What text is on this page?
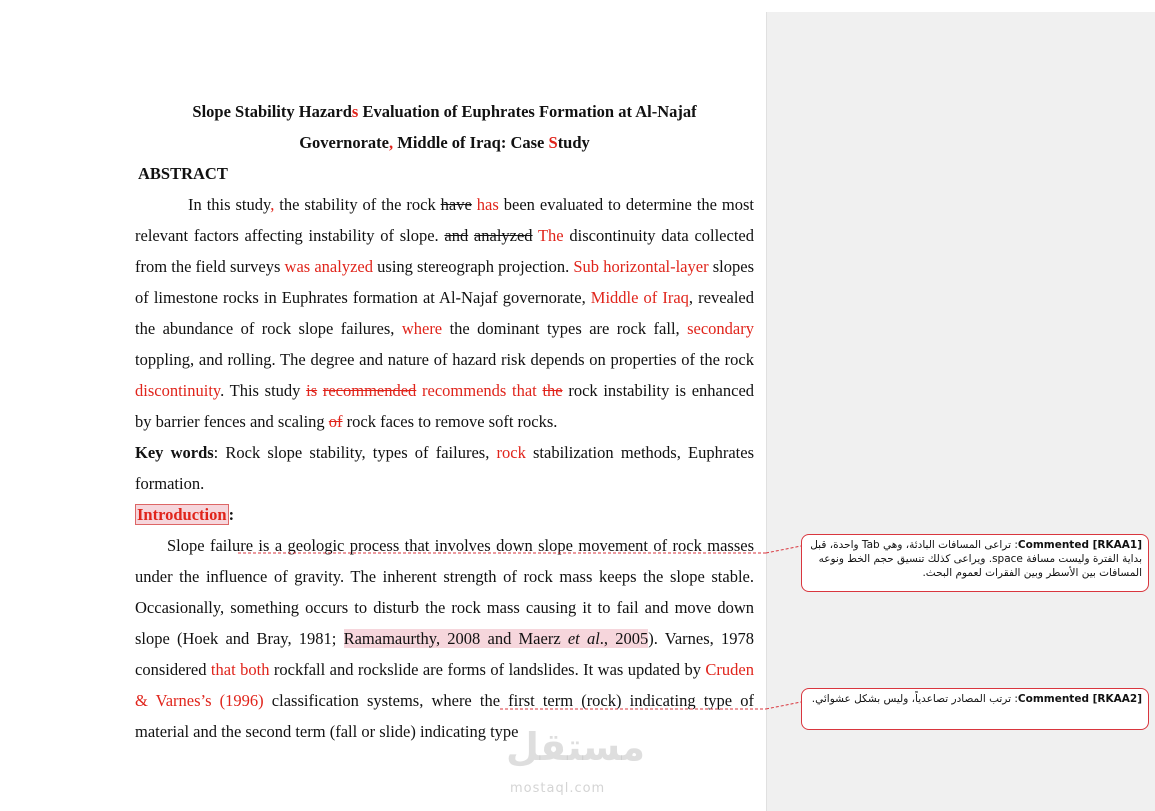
Slope Stability Hazards Evaluation of Euphrates Formation at Al-Najaf
Governorate, Middle of Iraq: Case Study
ABSTRACT

In this study, the stability of the rock have has been evaluated to determine the most relevant factors affecting instability of slope. and analyzed The discontinuity data collected from the field surveys was analyzed using stereograph projection. Sub horizontal-layer slopes of limestone rocks in Euphrates formation at Al-Najaf governorate, Middle of Iraq, revealed the abundance of rock slope failures, where the dominant types are rock fall, secondary toppling, and rolling. The degree and nature of hazard risk depends on properties of the rock discontinuity. This study is recommended recommends that the rock instability is enhanced by barrier fences and scaling of rock faces to remove soft rocks.

Key words: Rock slope stability, types of failures, rock stabilization methods, Euphrates formation.

Introduction :

Slope failure is a geologic process that involves down slope movement of rock masses under the influence of gravity. The inherent strength of rock mass keeps the slope stable. Occasionally, something occurs to disturb the rock mass causing it to fail and move down slope (Hoek and Bray, 1981; Ramamaurthy, 2008 and Maerz et al., 2005). Varnes, 1978 considered that both rockfall and rockslide are forms of landslides. It was updated by Cruden & Varnes’s (1996) classification systems, where the first term (rock) indicating type of material and the second term (fall or slide) indicating type

Commented [RKAA1]: تراعى المسافات البادئة، وهي Tab واحدة، قبل بداية الفترة وليست مسافة space. ويراعى كذلك تنسيق حجم الخط ونوعه المسافات بين الأسطر وبين الفقرات لعموم البحث.
Commented [RKAA2]: ترتب المصادر تصاعدياً، وليس بشكل عشوائي.
مستقل
mostaql.com
